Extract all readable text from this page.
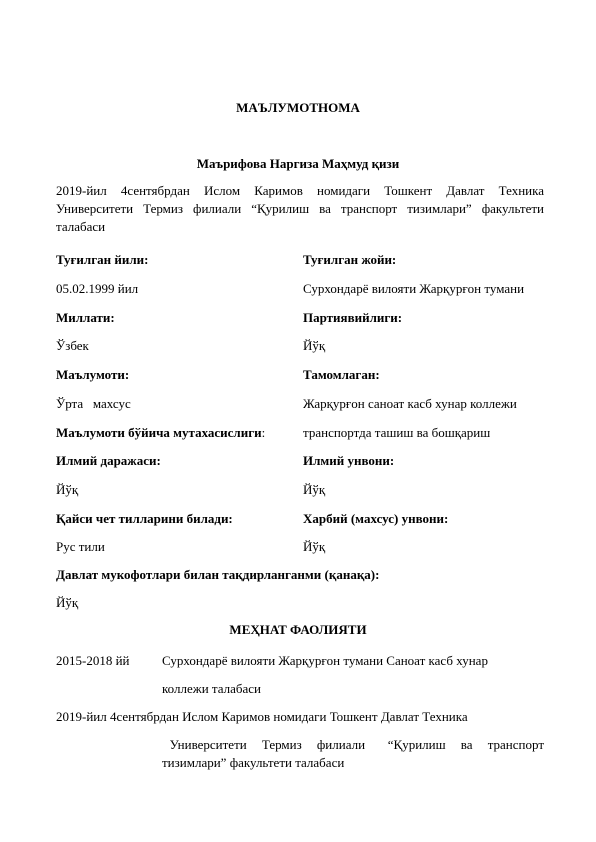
МАЪЛУМОТНОМА
Маърифова Наргиза Маҳмуд қизи
2019-йил 4сентябрдан Ислом Каримов номидаги Тошкент Давлат Техника
Университети Термиз филиали “Қурилиш ва транспорт тизимлари” факультети
талабаси
Туғилган йили:	Туғилган жойи:
05.02.1999 йил	Сурхондарё вилояти Жарқурғон тумани
Миллати:	Партиявийлиги:
Ўзбек	Йўқ
Маълумоти:	Тамомлаган:
Ўрта   махсус	Жарқурғон саноат касб хунар коллежи
Маълумоти бўйича мутахасислиги:	транспортда ташиш ва бошқариш
Илмий даражаси:	Илмий унвони:
Йўқ	Йўқ
Қайси чет тилларини билади:	Харбий (махсус) унвони:
Рус тили	Йўқ
Давлат мукофотлари билан тақдирланганми (қанақа):
Йўқ
МЕҲНАТ ФАОЛИЯТИ
2015-2018 йй	Сурхондарё вилояти Жарқурғон тумани Саноат касб хунар
коллежи талабаси
2019-йил 4сентябрдан Ислом Каримов номидаги Тошкент Давлат Техника
Университети  Термиз  филиали   “Қурилиш  ва  транспорт
тизимлари” факультети талабаси
